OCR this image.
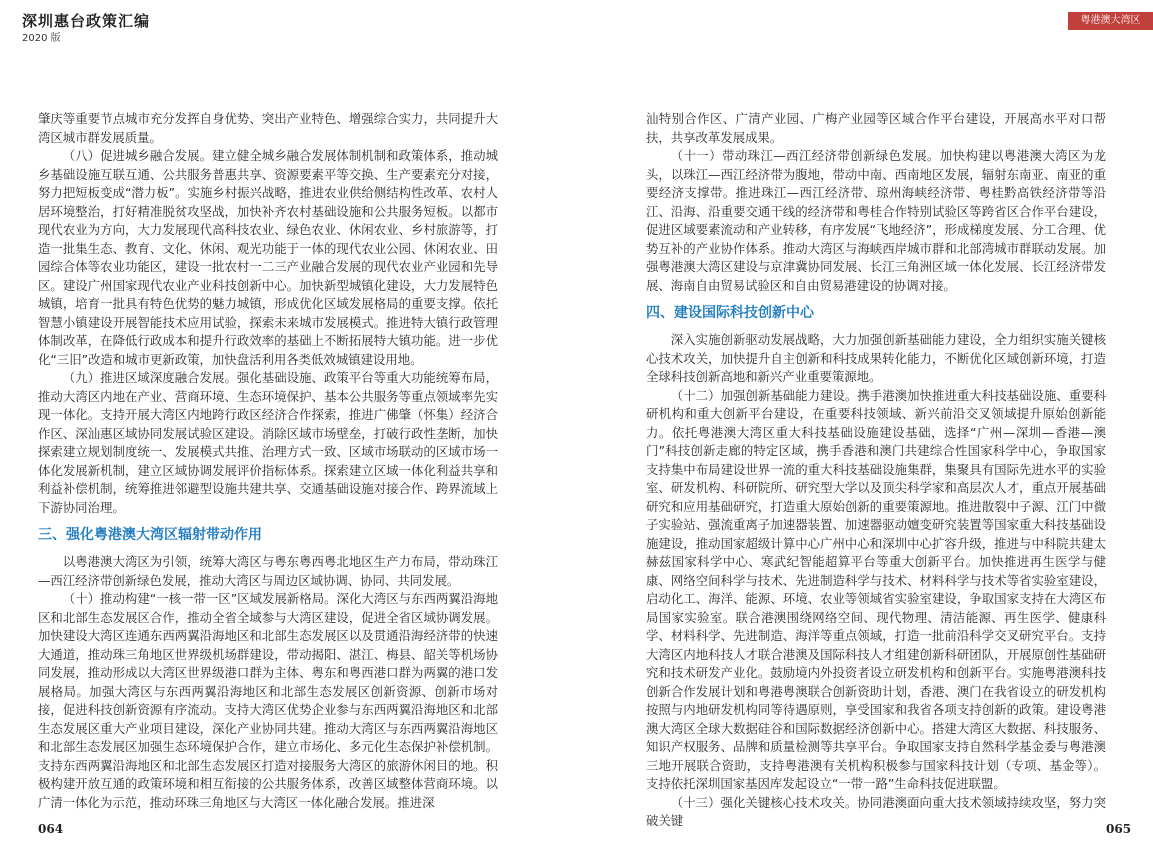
深圳惠台政策汇编
2020 版
粤港澳大湾区

肇庆等重要节点城市充分发挥自身优势、突出产业特色、增强综合实力，共同提升大湾区城市群发展质量。

（八）促进城乡融合发展。建立健全城乡融合发展体制机制和政策体系，推动城乡基础设施互联互通、公共服务普惠共享、资源要素平等交换、生产要素充分对接，努力把短板变成“潜力板”。实施乡村振兴战略，推进农业供给侧结构性改革、农村人居环境整治，打好精准脱贫攻坚战，加快补齐农村基础设施和公共服务短板。以都市现代农业为方向，大力发展现代高科技农业、绿色农业、休闲农业、乡村旅游等，打造一批集生态、教育、文化、休闲、观光功能于一体的现代农业公园、休闲农业、田园综合体等农业功能区，建设一批农村一二三产业融合发展的现代农业产业园和先导区。建设广州国家现代农业产业科技创新中心。加快新型城镇化建设，大力发展特色城镇，培育一批具有特色优势的魅力城镇，形成优化区域发展格局的重要支撑。依托智慧小镇建设开展智能技术应用试验，探索未来城市发展模式。推进特大镇行政管理体制改革，在降低行政成本和提升行政效率的基础上不断拓展特大镇功能。进一步优化“三旧”改造和城市更新政策，加快盘活利用各类低效城镇建设用地。

（九）推进区域深度融合发展。强化基础设施、政策平台等重大功能统筹布局，推动大湾区内地在产业、营商环境、生态环境保护、基本公共服务等重点领域率先实现一体化。支持开展大湾区内地跨行政区经济合作探索，推进广佛肇（怀集）经济合作区、深汕惠区域协同发展试验区建设。消除区域市场壁垒，打破行政性垄断，加快探索建立规划制度统一、发展模式共推、治理方式一致、区域市场联动的区域市场一体化发展新机制，建立区域协调发展评价指标体系。探索建立区域一体化利益共享和利益补偿机制，统筹推进邻避型设施共建共享、交通基础设施对接合作、跨界流域上下游协同治理。

三、强化粤港澳大湾区辐射带动作用

以粤港澳大湾区为引领，统筹大湾区与粤东粤西粤北地区生产力布局，带动珠江—西江经济带创新绿色发展，推动大湾区与周边区域协调、协同、共同发展。

（十）推动构建“一核一带一区”区域发展新格局。深化大湾区与东西两翼沿海地区和北部生态发展区合作，推动全省全域参与大湾区建设，促进全省区域协调发展。加快建设大湾区连通东西两翼沿海地区和北部生态发展区以及贯通沿海经济带的快速大通道，推动珠三角地区世界级机场群建设，带动揭阳、湛江、梅县、韶关等机场协同发展，推动形成以大湾区世界级港口群为主体、粤东和粤西港口群为两翼的港口发展格局。加强大湾区与东西两翼沿海地区和北部生态发展区创新资源、创新市场对接，促进科技创新资源有序流动。支持大湾区优势企业参与东西两翼沿海地区和北部生态发展区重大产业项目建设，深化产业协同共建。推动大湾区与东西两翼沿海地区和北部生态发展区加强生态环境保护合作，建立市场化、多元化生态保护补偿机制。支持东西两翼沿海地区和北部生态发展区打造对接服务大湾区的旅游休闲目的地。积极构建开放互通的政策环境和相互衔接的公共服务体系，改善区域整体营商环境。以广清一体化为示范，推动环珠三角地区与大湾区一体化融合发展。推进深

汕特别合作区、广清产业园、广梅产业园等区域合作平台建设，开展高水平对口帮扶，共享改革发展成果。

（十一）带动珠江—西江经济带创新绿色发展。加快构建以粤港澳大湾区为龙头，以珠江—西江经济带为腹地，带动中南、西南地区发展，辐射东南亚、南亚的重要经济支撑带。推进珠江—西江经济带、琼州海峡经济带、粤桂黔高铁经济带等沿江、沿海、沿重要交通干线的经济带和粤桂合作特别试验区等跨省区合作平台建设，促进区域要素流动和产业转移，有序发展“飞地经济”，形成梯度发展、分工合理、优势互补的产业协作体系。推动大湾区与海峡西岸城市群和北部湾城市群联动发展。加强粤港澳大湾区建设与京津冀协同发展、长江三角洲区域一体化发展、长江经济带发展、海南自由贸易试验区和自由贸易港建设的协调对接。

四、建设国际科技创新中心

深入实施创新驱动发展战略，大力加强创新基础能力建设，全力组织实施关键核心技术攻关，加快提升自主创新和科技成果转化能力，不断优化区域创新环境，打造全球科技创新高地和新兴产业重要策源地。

（十二）加强创新基础能力建设。携手港澳加快推进重大科技基础设施、重要科研机构和重大创新平台建设，在重要科技领域、新兴前沿交叉领域提升原始创新能力。依托粤港澳大湾区重大科技基础设施建设基础，选择“广州—深圳—香港—澳门”科技创新走廊的特定区域，携手香港和澳门共建综合性国家科学中心，争取国家支持集中布局建设世界一流的重大科技基础设施集群，集聚具有国际先进水平的实验室、研发机构、科研院所、研究型大学以及顶尖科学家和高层次人才，重点开展基础研究和应用基础研究，打造重大原始创新的重要策源地。推进散裂中子源、江门中微子实验站、强流重离子加速器装置、加速器驱动嬗变研究装置等国家重大科技基础设施建设，推动国家超级计算中心广州中心和深圳中心扩容升级，推进与中科院共建太赫兹国家科学中心、寒武纪智能超算平台等重大创新平台。加快推进再生医学与健康、网络空间科学与技术、先进制造科学与技术、材料科学与技术等省实验室建设，启动化工、海洋、能源、环境、农业等领域省实验室建设，争取国家支持在大湾区布局国家实验室。联合港澳围绕网络空间、现代物理、清洁能源、再生医学、健康科学、材料科学、先进制造、海洋等重点领域，打造一批前沿科学交叉研究平台。支持大湾区内地科技人才联合港澳及国际科技人才组建创新科研团队，开展原创性基础研究和技术研发产业化。鼓励境内外投资者设立研发机构和创新平台。实施粤港澳科技创新合作发展计划和粤港粤澳联合创新资助计划，香港、澳门在我省设立的研发机构按照与内地研发机构同等待遇原则，享受国家和我省各项支持创新的政策。建设粤港澳大湾区全球大数据硅谷和国际数据经济创新中心。搭建大湾区大数据、科技服务、知识产权服务、品牌和质量检测等共享平台。争取国家支持自然科学基金委与粤港澳三地开展联合资助，支持粤港澳有关机构积极参与国家科技计划（专项、基金等）。支持依托深圳国家基因库发起设立“一带一路”生命科技促进联盟。

（十三）强化关键核心技术攻关。协同港澳面向重大技术领域持续攻坚，努力突破关键

064	065
